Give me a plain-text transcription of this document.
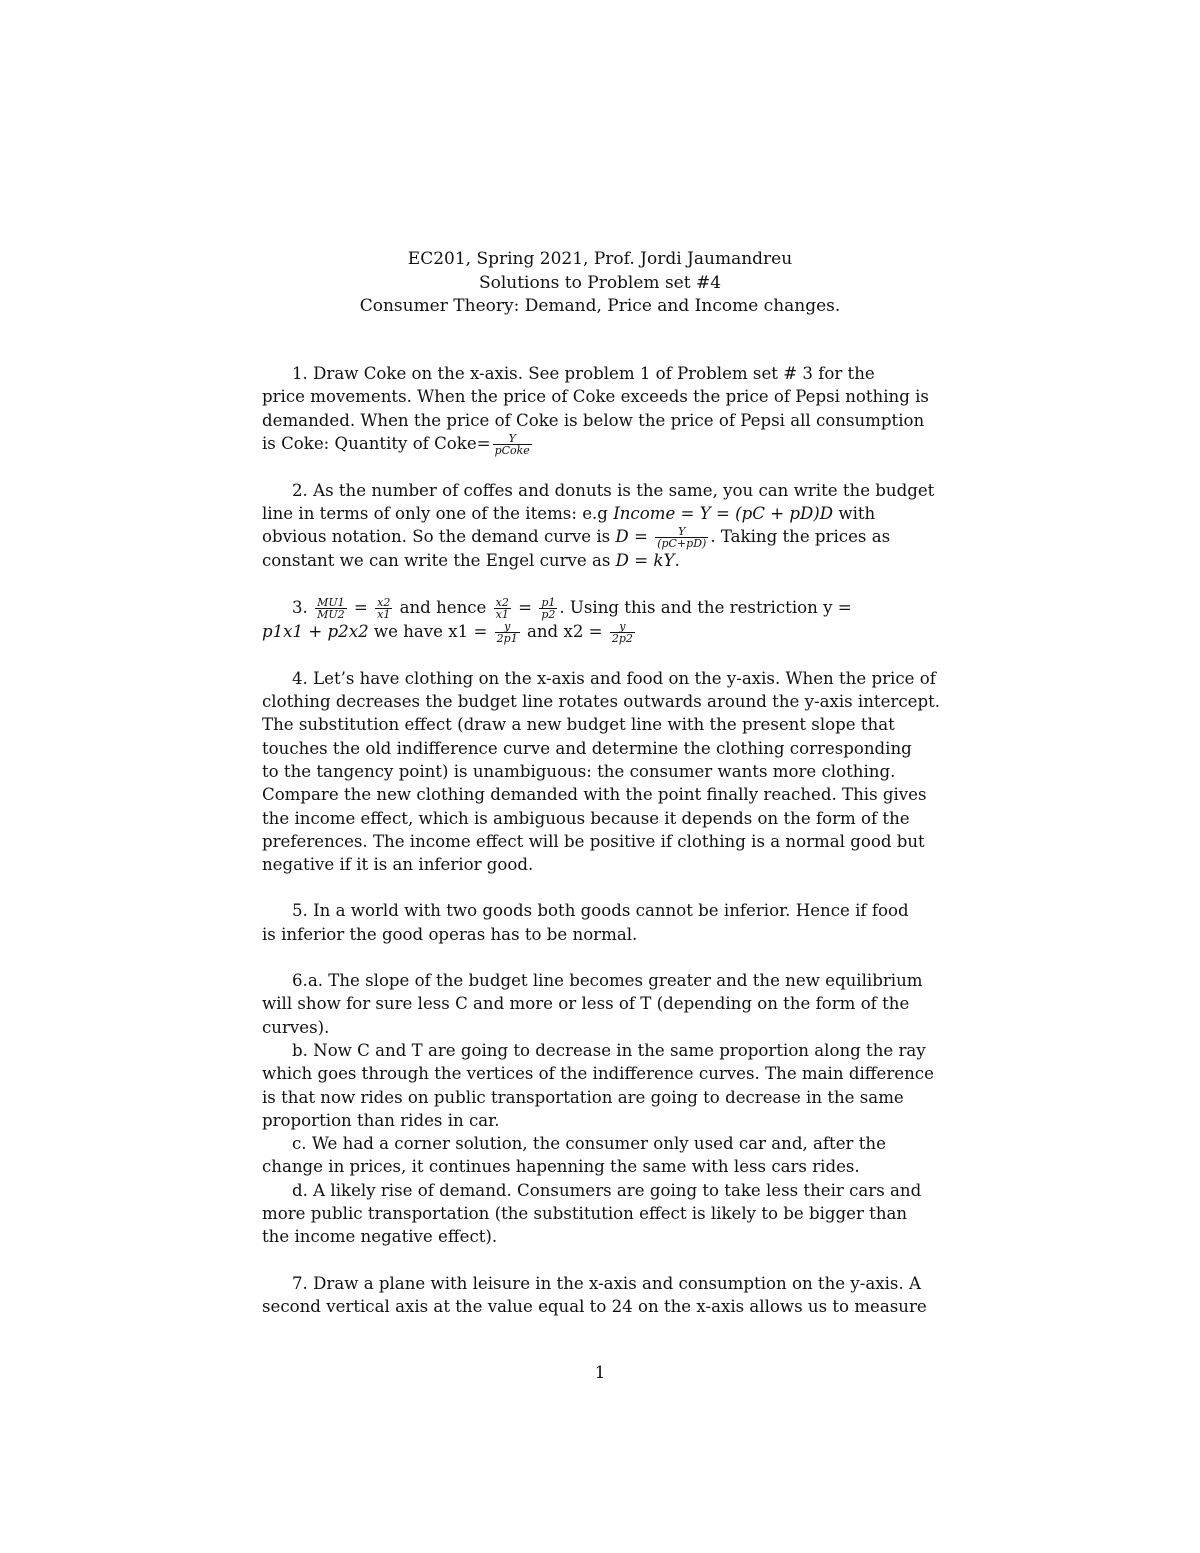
EC201, Spring 2021, Prof. Jordi Jaumandreu
Solutions to Problem set #4
Consumer Theory: Demand, Price and Income changes.
1. Draw Coke on the x-axis. See problem 1 of Problem set # 3 for the
price movements. When the price of Coke exceeds the price of Pepsi nothing is
demanded. When the price of Coke is below the price of Pepsi all consumption
is Coke: Quantity of Coke= $\frac{Y}{\text{pCoke}}$
2. As the number of coffes and donuts is the same, you can write the budget
line in terms of only one of the items: e.g Income = Y = (pC + pD)D with
obvious notation. So the demand curve is $D = \frac{Y}{(pC+pD)}$ . Taking the prices as
constant we can write the Engel curve as D = kY.
3. $\frac{MU1}{MU2} = \frac{x2}{x1}$ and hence $\frac{x2}{x1} = \frac{p1}{p2}$ . Using this and the restriction y =
p1x1 + p2x2 we have $x1 = \frac{y}{2p1}$ and $x2 = \frac{y}{2p2}$
4. Let’s have clothing on the x-axis and food on the y-axis. When the price of
clothing decreases the budget line rotates outwards around the y-axis intercept.
The substitution effect (draw a new budget line with the present slope that
touches the old indifference curve and determine the clothing corresponding
to the tangency point) is unambiguous: the consumer wants more clothing.
Compare the new clothing demanded with the point finally reached. This gives
the income effect, which is ambiguous because it depends on the form of the
preferences. The income effect will be positive if clothing is a normal good but
negative if it is an inferior good.
5. In a world with two goods both goods cannot be inferior. Hence if food
is inferior the good operas has to be normal.
6.a. The slope of the budget line becomes greater and the new equilibrium
will show for sure less C and more or less of T (depending on the form of the
curves).
b. Now C and T are going to decrease in the same proportion along the ray
which goes through the vertices of the indifference curves. The main difference
is that now rides on public transportation are going to decrease in the same
proportion than rides in car.
c. We had a corner solution, the consumer only used car and, after the
change in prices, it continues hapenning the same with less cars rides.
d. A likely rise of demand. Consumers are going to take less their cars and
more public transportation (the substitution effect is likely to be bigger than
the income negative effect).
7. Draw a plane with leisure in the x-axis and consumption on the y-axis. A
second vertical axis at the value equal to 24 on the x-axis allows us to measure
1
